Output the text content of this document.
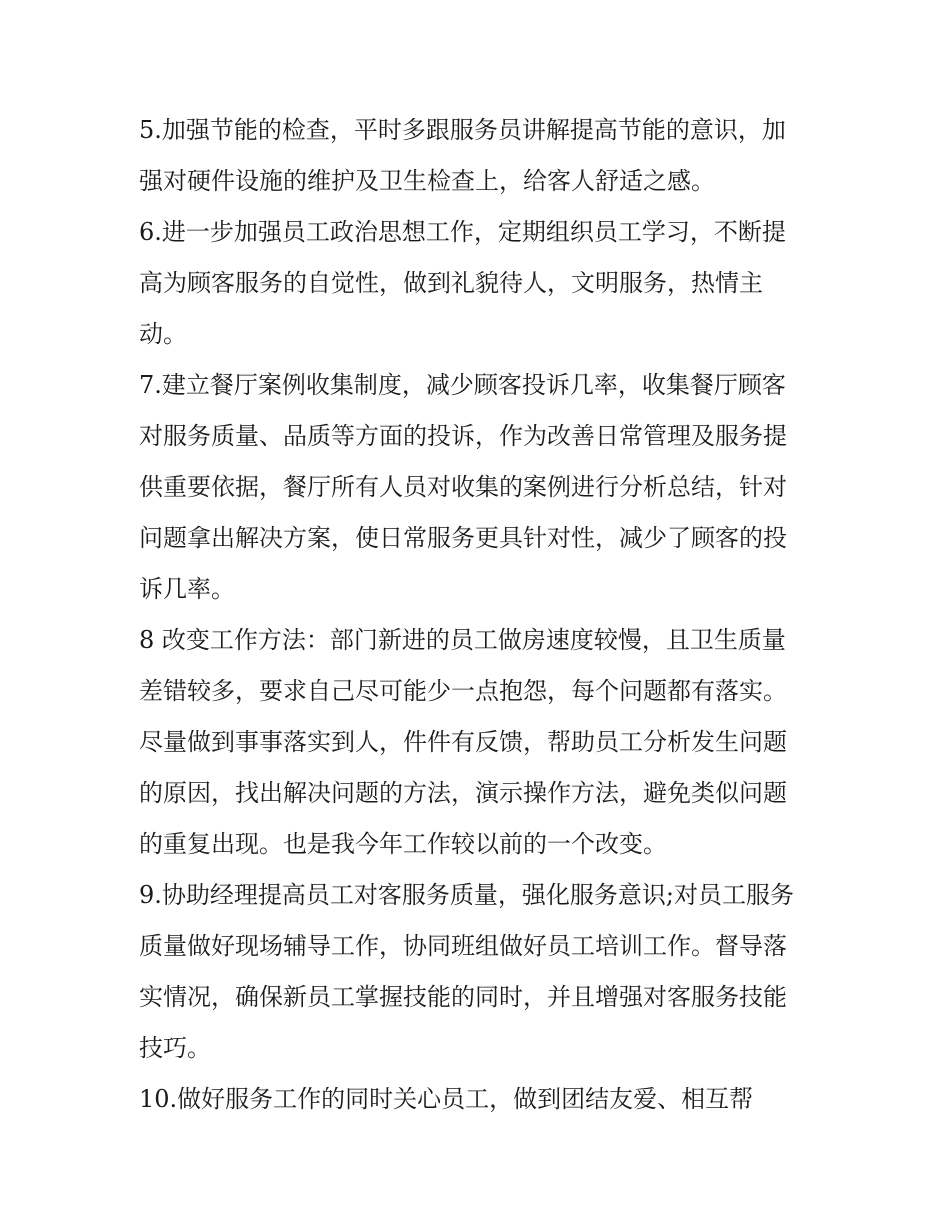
5.加强节能的检查，平时多跟服务员讲解提高节能的意识，加
强对硬件设施的维护及卫生检查上，给客人舒适之感。
6.进一步加强员工政治思想工作，定期组织员工学习，不断提
高为顾客服务的自觉性，做到礼貌待人，文明服务，热情主
动。
7.建立餐厅案例收集制度，减少顾客投诉几率，收集餐厅顾客
对服务质量、品质等方面的投诉，作为改善日常管理及服务提
供重要依据，餐厅所有人员对收集的案例进行分析总结，针对
问题拿出解决方案，使日常服务更具针对性，减少了顾客的投
诉几率。
8 改变工作方法：部门新进的员工做房速度较慢，且卫生质量
差错较多，要求自己尽可能少一点抱怨，每个问题都有落实。
尽量做到事事落实到人，件件有反馈，帮助员工分析发生问题
的原因，找出解决问题的方法，演示操作方法，避免类似问题
的重复出现。也是我今年工作较以前的一个改变。
9.协助经理提高员工对客服务质量，强化服务意识;对员工服务
质量做好现场辅导工作，协同班组做好员工培训工作。督导落
实情况，确保新员工掌握技能的同时，并且增强对客服务技能
技巧。
10.做好服务工作的同时关心员工，做到团结友爱、相互帮
